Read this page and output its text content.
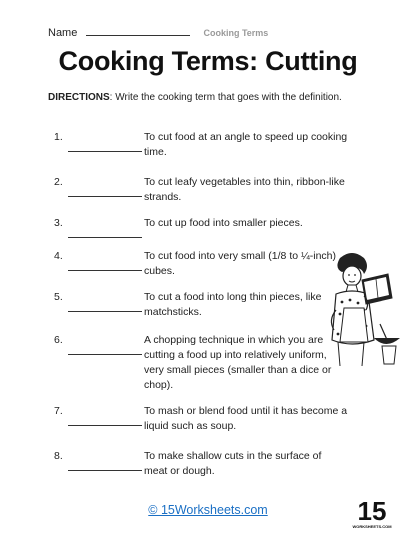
Name	Cooking Terms
Cooking Terms: Cutting
DIRECTIONS: Write the cooking term that goes with the definition.
1.	To cut food at an angle to speed up cooking time.
2.	To cut leafy vegetables into thin, ribbon-like strands.
3.	To cut up food into smaller pieces.
4.	To cut food into very small (1/8 to ¼-inch) cubes.
5.	To cut a food into long thin pieces, like matchsticks.
6.	A chopping technique in which you are cutting a food up into relatively uniform, very small pieces (smaller than a dice or chop).
7.	To mash or blend food until it has become a liquid such as soup.
8.	To make shallow cuts in the surface of meat or dough.
© 15Worksheets.com	15
WORKSHEETS.COM
